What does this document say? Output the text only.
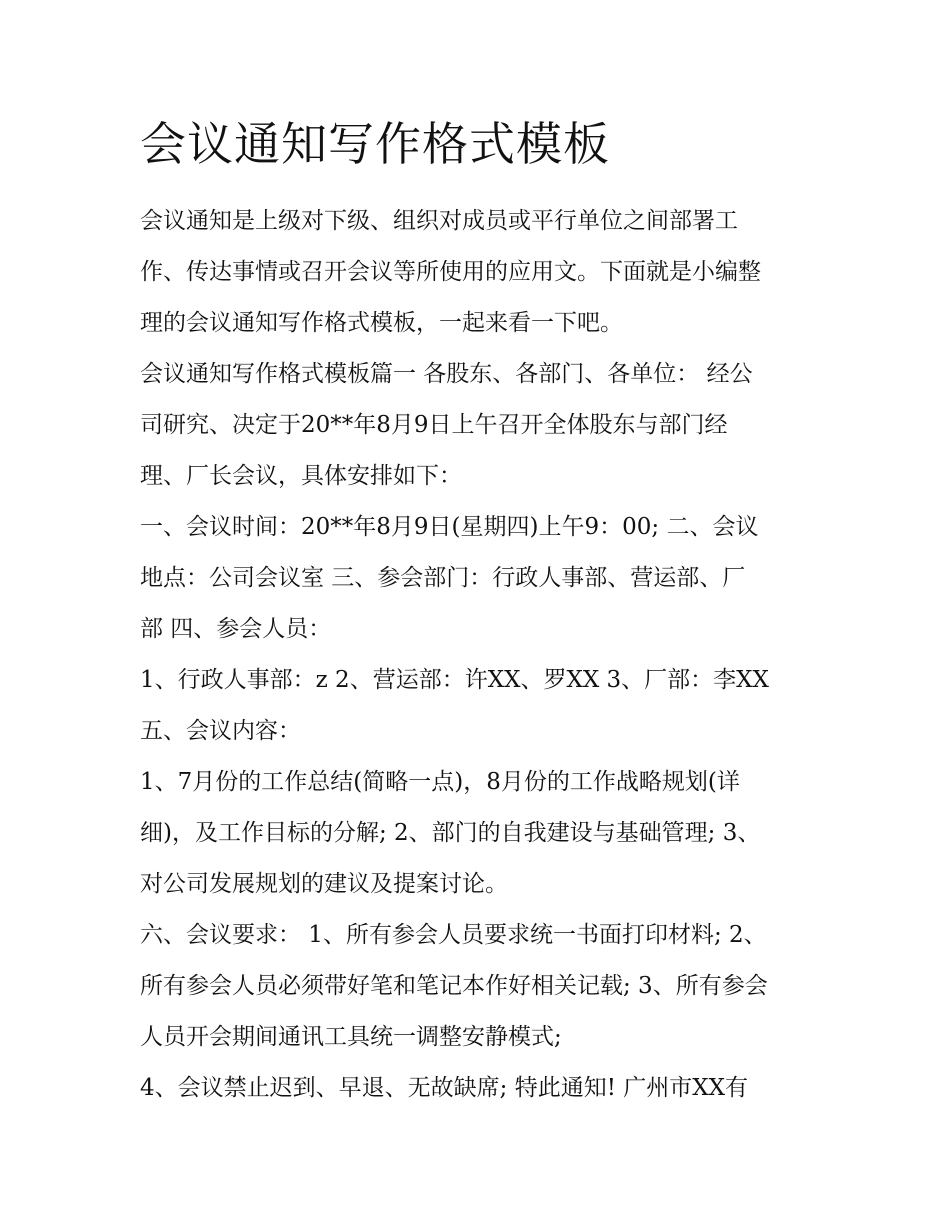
会议通知写作格式模板
会议通知是上级对下级、组织对成员或平行单位之间部署工
作、传达事情或召开会议等所使用的应用文。下面就是小编整
理的会议通知写作格式模板，一起来看一下吧。
会议通知写作格式模板篇一 各股东、各部门、各单位： 经公
司研究、决定于20**年8月9日上午召开全体股东与部门经
理、厂长会议，具体安排如下：
一、会议时间：20**年8月9日(星期四)上午9：00; 二、会议
地点：公司会议室 三、参会部门：行政人事部、营运部、厂
部 四、参会人员：
1、行政人事部：z 2、营运部：许XX、罗XX 3、厂部：李XX
五、会议内容：
1、7月份的工作总结(简略一点)，8月份的工作战略规划(详
细)，及工作目标的分解; 2、部门的自我建设与基础管理; 3、
对公司发展规划的建议及提案讨论。
六、会议要求： 1、所有参会人员要求统一书面打印材料; 2、
所有参会人员必须带好笔和笔记本作好相关记载; 3、所有参会
人员开会期间通讯工具统一调整安静模式;
4、会议禁止迟到、早退、无故缺席; 特此通知! 广州市XX有
